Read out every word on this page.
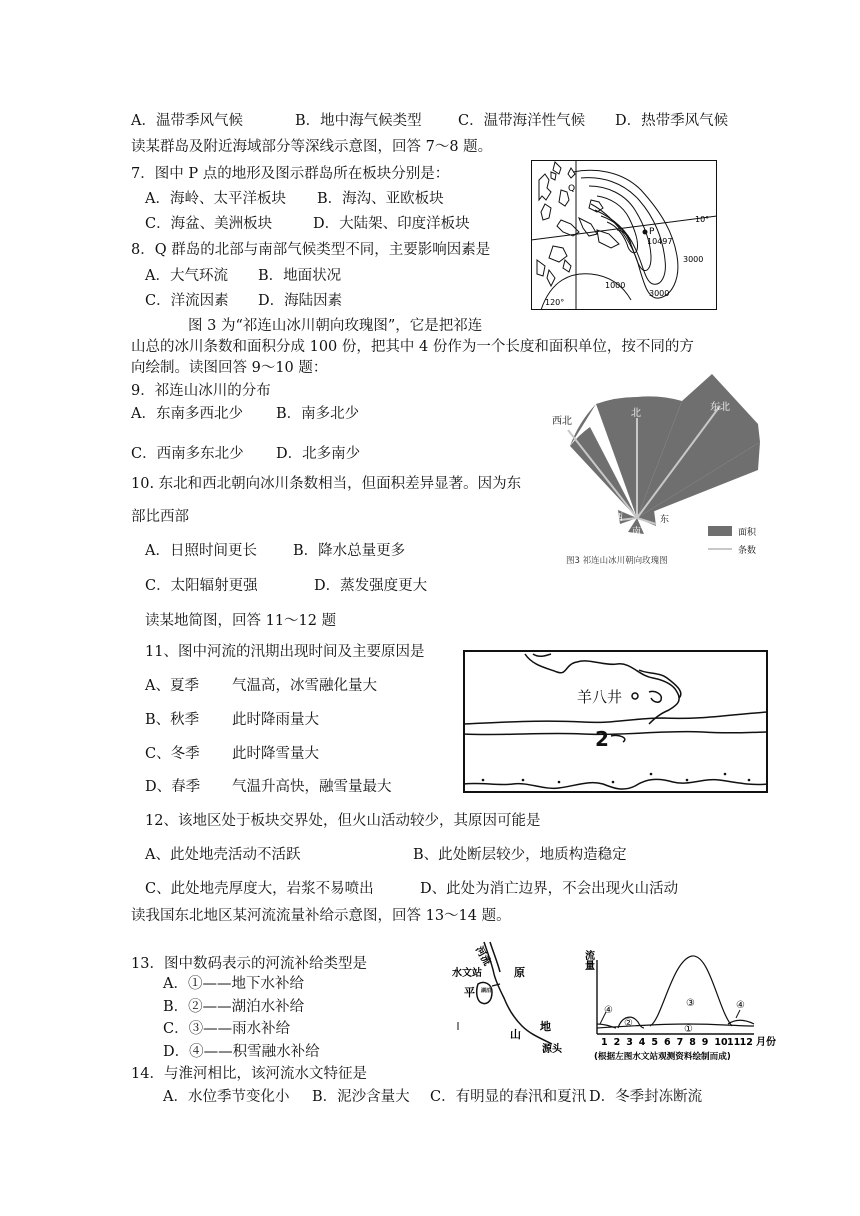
A．温带季风气候	B．地中海气候类型	C．温带海洋性气候 D．热带季风气候
读某群岛及附近海域部分等深线示意图，回答 7～8 题。
7．图中 P 点的地形及图示群岛所在板块分别是：
A．海岭、太平洋板块 B．海沟、亚欧板块
C．海盆、美洲板块	D．大陆架、印度洋板块
8．Q 群岛的北部与南部气候类型不同，主要影响因素是
A．大气环流 B．地面状况
C．洋流因素 D．海陆因素
Q
P
10497
10°
120°
1000
3000
3000
图 3 为“祁连山冰川朝向玫瑰图”，它是把祁连
山总的冰川条数和面积分成 100 份，把其中 4 份作为一个长度和面积单位，按不同的方
向绘制。读图回答 9～10 题：
9．祁连山冰川的分布
A．东南多西北少 B．南多北少
C．西南多东北少 D．北多南少
10. 东北和西北朝向冰川条数相当，但面积差异显著。因为东
部比西部
A．日照时间更长 B．降水总量更多
C．太阳辐射更强	D．蒸发强度更大
西北
北
东北
西	东
南	面积
条数
图3 祁连山冰川朝向玫瑰图
读某地简图，回答 11～12 题
11、图中河流的汛期出现时间及主要原因是
A、夏季 气温高，冰雪融化量大
B、秋季 此时降雨量大
C、冬季 此时降雪量大
D、春季 气温升高快，融雪量最大
羊八井
2
12、该地区处于板块交界处，但火山活动较少，其原因可能是
A、此处地壳活动不活跃	B、此处断层较少，地质构造稳定
C、此处地壳厚度大，岩浆不易喷出	D、此处为消亡边界，不会出现火山活动
读我国东北地区某河流流量补给示意图，回答 13～14 题。
13．图中数码表示的河流补给类型是
A．①——地下水补给
B．②——湖泊水补给
C．③——雨水补给
D．④——积雪融水补给
14．与淮河相比，该河流水文特征是
A．水位季节变化小 B．泥沙含量大 C．有明显的春汛和夏汛 D．冬季封冻断流
河流
水文站	原
平 湖泊
山
地
源头
流量
④	④
②
③
①
1 2 3 4 5 6 7 8 9 10 11 12 月份
(根据左图水文站观测资料绘制而成)
